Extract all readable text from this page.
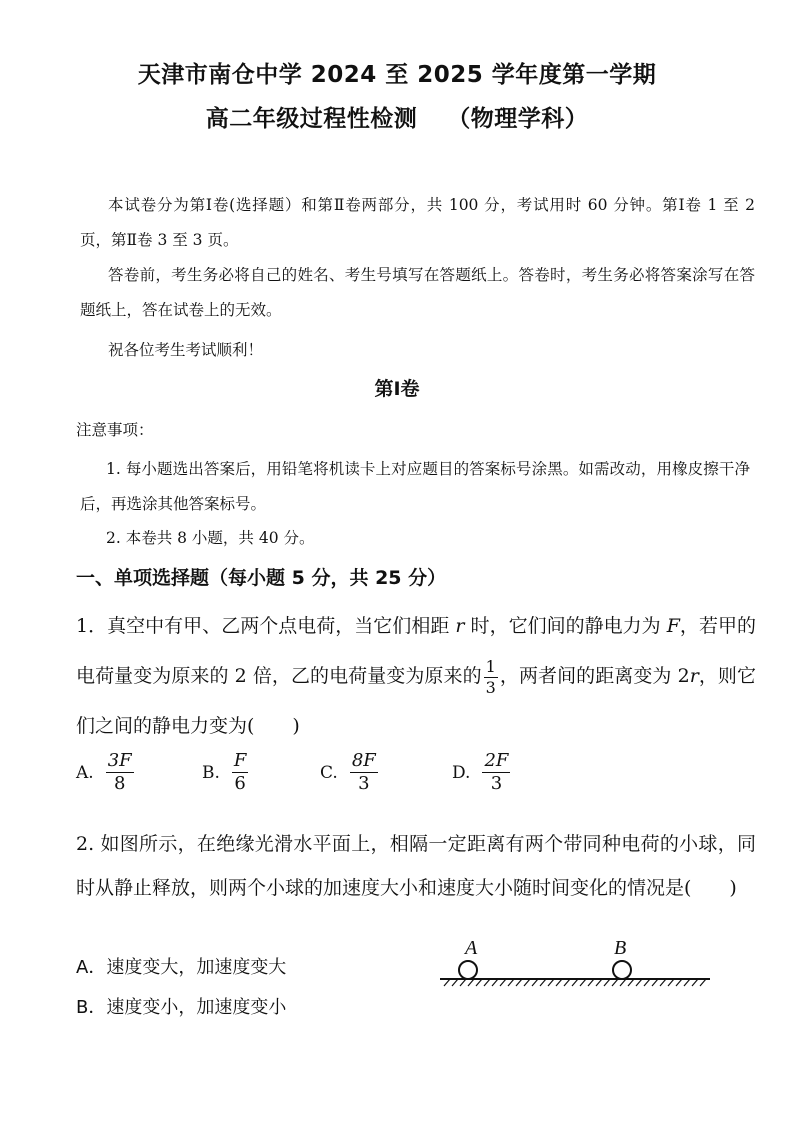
天津市南仓中学 2024 至 2025 学年度第一学期
高二年级过程性检测 （物理学科）
本试卷分为第Ⅰ卷(选择题）和第Ⅱ卷两部分，共 100 分，考试用时 60 分钟。第Ⅰ卷 1 至 2 页，第Ⅱ卷 3 至 3 页。
答卷前，考生务必将自己的姓名、考生号填写在答题纸上。答卷时，考生务必将答案涂写在答题纸上，答在试卷上的无效。
祝各位考生考试顺利！
第Ⅰ卷
注意事项：
1. 每小题选出答案后，用铅笔将机读卡上对应题目的答案标号涂黑。如需改动，用橡皮擦干净后，再选涂其他答案标号。
2. 本卷共 8 小题，共 40 分。
一、单项选择题（每小题 5 分，共 25 分）
1．真空中有甲、乙两个点电荷，当它们相距 r 时，它们间的静电力为 F，若甲的电荷量变为原来的 2 倍，乙的电荷量变为原来的 $\frac{1}{3}$ ，两者间的距离变为 2r，则它们之间的静电力变为(　　)
A. $\frac{3F}{8}$	B. $\frac{F}{6}$	C. $\frac{8F}{3}$	D. $\frac{2F}{3}$
2. 如图所示，在绝缘光滑水平面上，相隔一定距离有两个带同种电荷的小球，同时从静止释放，则两个小球的加速度大小和速度大小随时间变化的情况是(　　)
A．速度变大，加速度变大
B．速度变小，加速度变小
A	B
